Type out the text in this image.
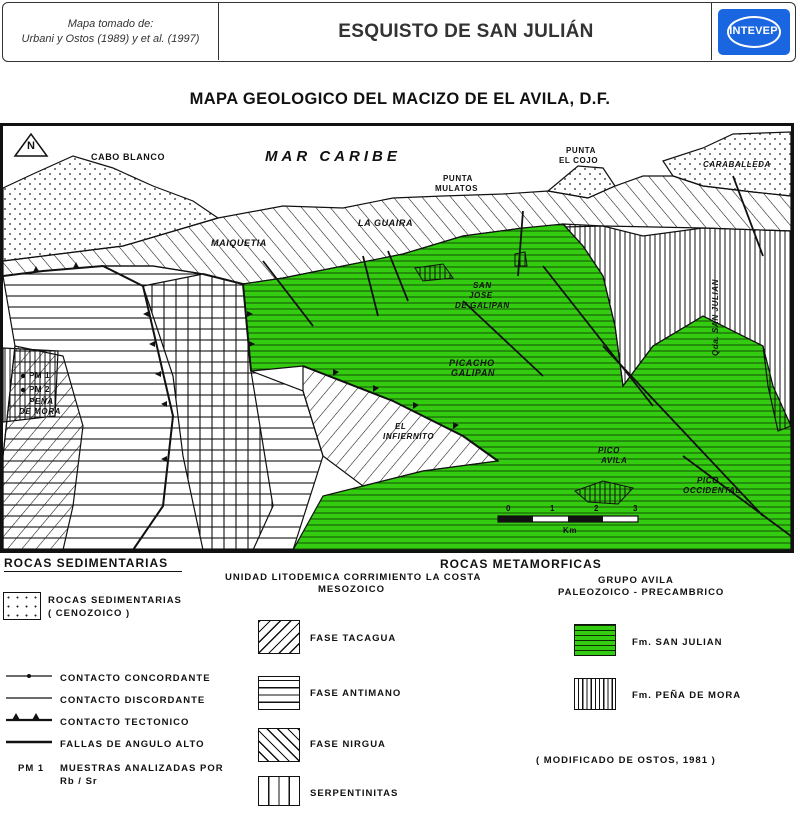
Mapa tomado de:
Urbani y Ostos (1989) y et al. (1997)	ESQUISTO DE SAN JULIÁN	INTEVEP
MAPA GEOLOGICO DEL MACIZO DE EL AVILA, D.F.
N
MAR CARIBE
CABO BLANCO
PUNTA
MULATOS
PUNTA
EL COJO	CARABALLEDA
MAIQUETIA
LA GUAIRA
SAN
JOSE
DE GALIPAN
PICACHO
GALIPAN
EL
INFIERNITO
PICO
AVILA
PICO
OCCIDENTAL
Qda. SAN JULIAN
PM 1
PM 2
PEÑA
DE MORA
0	1	2	3
Km
ROCAS SEDIMENTARIAS	ROCAS METAMORFICAS
UNIDAD LITODEMICA CORRIMIENTO LA COSTA
MESOZOICO
GRUPO AVILA
PALEOZOICO - PRECAMBRICO
ROCAS SEDIMENTARIAS
( CENOZOICO )
CONTACTO CONCORDANTE
CONTACTO DISCORDANTE
CONTACTO TECTONICO
FALLAS DE ANGULO ALTO
PM 1 MUESTRAS ANALIZADAS POR
Rb / Sr
FASE TACAGUA
FASE ANTIMANO
FASE NIRGUA
SERPENTINITAS
Fm. SAN JULIAN
Fm. PEÑA DE MORA
( MODIFICADO DE OSTOS, 1981 )
